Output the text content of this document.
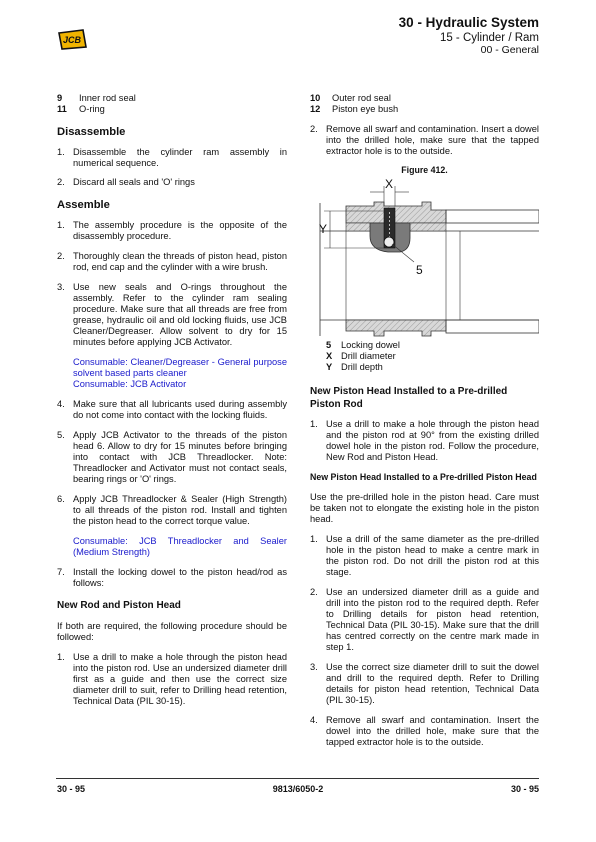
JCB
30 - Hydraulic System
15 - Cylinder / Ram
00 - General
9	Inner rod seal
11	O-ring
Disassemble
1. Disassemble the cylinder ram assembly in numerical sequence.
2. Discard all seals and 'O' rings
Assemble
1. The assembly procedure is the opposite of the disassembly procedure.
2. Thoroughly clean the threads of piston head, piston rod, end cap and the cylinder with a wire brush.
3. Use new seals and O-rings throughout the assembly. Refer to the cylinder ram sealing procedure. Make sure that all threads are free from grease, hydraulic oil and old locking fluids, use JCB Cleaner/Degreaser. Allow solvent to dry for 15 minutes before applying JCB Activator.
Consumable: Cleaner/Degreaser - General purpose solvent based parts cleaner
Consumable: JCB Activator
4. Make sure that all lubricants used during assembly do not come into contact with the locking fluids.
5. Apply JCB Activator to the threads of the piston head 6. Allow to dry for 15 minutes before bringing into contact with JCB Threadlocker. Note: Threadlocker and Activator must not contact seals, bearing rings or 'O' rings.
6. Apply JCB Threadlocker & Sealer (High Strength) to all threads of the piston rod. Install and tighten the piston head to the correct torque value.
Consumable: JCB Threadlocker and Sealer (Medium Strength)
7. Install the locking dowel to the piston head/rod as follows:
New Rod and Piston Head

If both are required, the following procedure should be followed:

1. Use a drill to make a hole through the piston head into the piston rod. Use an undersized diameter drill first as a guide and then use the correct size diameter drill to suit, refer to Drilling head retention, Technical Data (PIL 30-15).
10	Outer rod seal
12	Piston eye bush
2. Remove all swarf and contamination. Insert a dowel into the drilled hole, make sure that the tapped extractor hole is to the outside.
Figure 412.
X
Y
5
5	Locking dowel
X Drill diameter
Y Drill depth
New Piston Head Installed to a Pre-drilled Piston Rod
1. Use a drill to make a hole through the piston head and the piston rod at 90° from the existing drilled dowel hole in the piston rod. Follow the procedure, New Rod and Piston Head.
New Piston Head Installed to a Pre-drilled Piston Head

Use the pre-drilled hole in the piston head. Care must be taken not to elongate the existing hole in the piston head.

1. Use a drill of the same diameter as the pre-drilled hole in the piston head to make a centre mark in the piston rod. Do not drill the piston rod at this stage.
2. Use an undersized diameter drill as a guide and drill into the piston rod to the required depth. Refer to Drilling details for piston head retention, Technical Data (PIL 30-15). Make sure that the drill has centred correctly on the centre mark made in step 1.
3. Use the correct size diameter drill to suit the dowel and drill to the required depth. Refer to Drilling details for piston head retention, Technical Data (PIL 30-15).
4. Remove all swarf and contamination. Insert the dowel into the drilled hole, make sure that the tapped extractor hole is to the outside.
30 - 95	9813/6050-2	30 - 95
